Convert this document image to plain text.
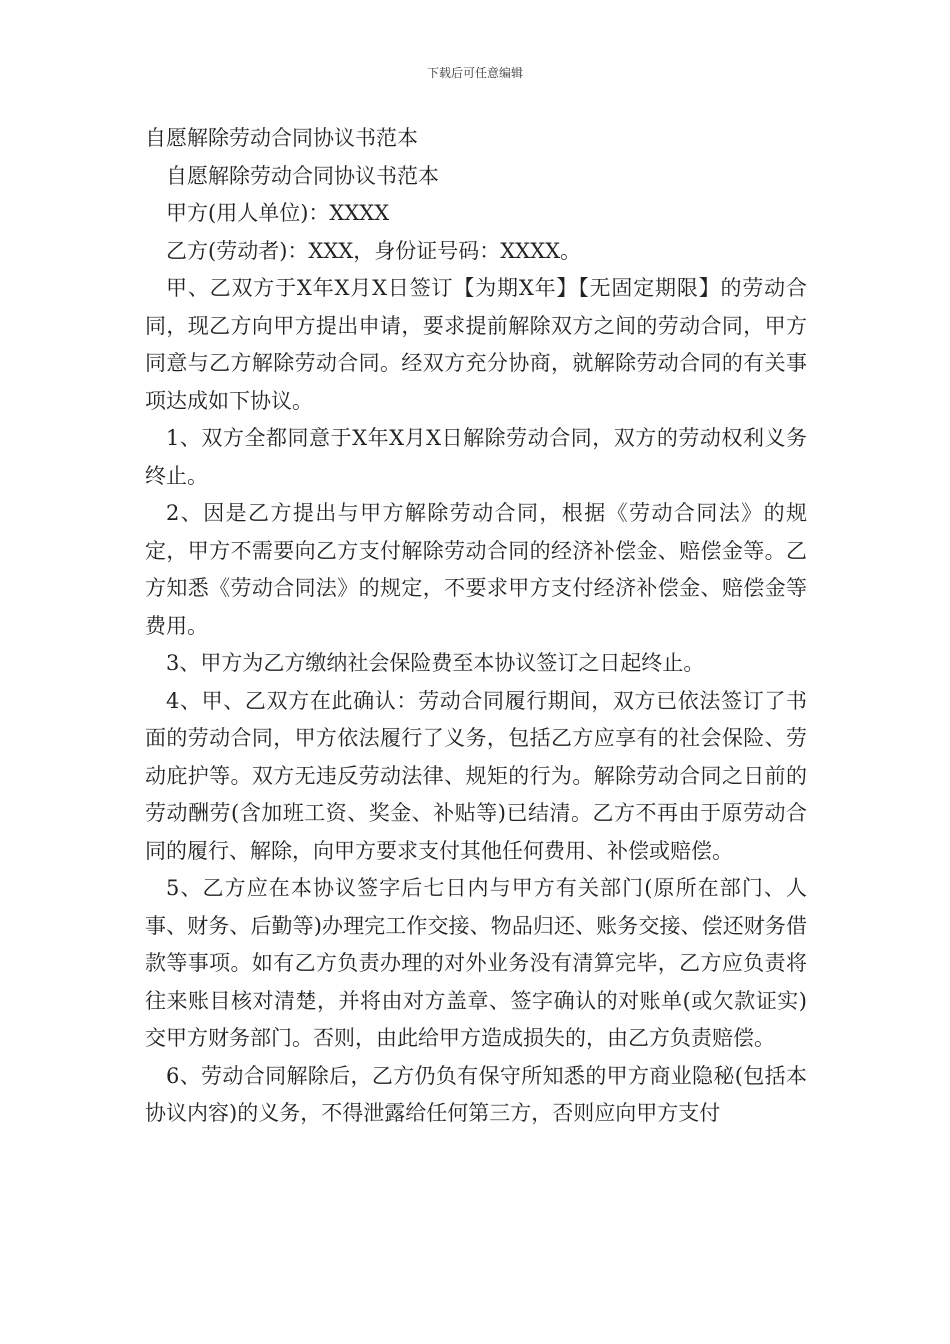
下载后可任意编辑

自愿解除劳动合同协议书范本

自愿解除劳动合同协议书范本

甲方(用人单位)：XXXX

乙方(劳动者)：XXX，身份证号码：XXXX。

甲、乙双方于X年X月X日签订【为期X年】【无固定期限】的劳动合同，现乙方向甲方提出申请，要求提前解除双方之间的劳动合同，甲方同意与乙方解除劳动合同。经双方充分协商，就解除劳动合同的有关事项达成如下协议。

1、双方全都同意于X年X月X日解除劳动合同，双方的劳动权利义务终止。

2、因是乙方提出与甲方解除劳动合同，根据《劳动合同法》的规定，甲方不需要向乙方支付解除劳动合同的经济补偿金、赔偿金等。乙方知悉《劳动合同法》的规定，不要求甲方支付经济补偿金、赔偿金等费用。

3、甲方为乙方缴纳社会保险费至本协议签订之日起终止。

4、甲、乙双方在此确认：劳动合同履行期间，双方已依法签订了书面的劳动合同，甲方依法履行了义务，包括乙方应享有的社会保险、劳动庇护等。双方无违反劳动法律、规矩的行为。解除劳动合同之日前的劳动酬劳(含加班工资、奖金、补贴等)已结清。乙方不再由于原劳动合同的履行、解除，向甲方要求支付其他任何费用、补偿或赔偿。

5、乙方应在本协议签字后七日内与甲方有关部门(原所在部门、人事、财务、后勤等)办理完工作交接、物品归还、账务交接、偿还财务借款等事项。如有乙方负责办理的对外业务没有清算完毕，乙方应负责将往来账目核对清楚，并将由对方盖章、签字确认的对账单(或欠款证实)交甲方财务部门。否则，由此给甲方造成损失的，由乙方负责赔偿。

6、劳动合同解除后，乙方仍负有保守所知悉的甲方商业隐秘(包括本协议内容)的义务，不得泄露给任何第三方，否则应向甲方支付
